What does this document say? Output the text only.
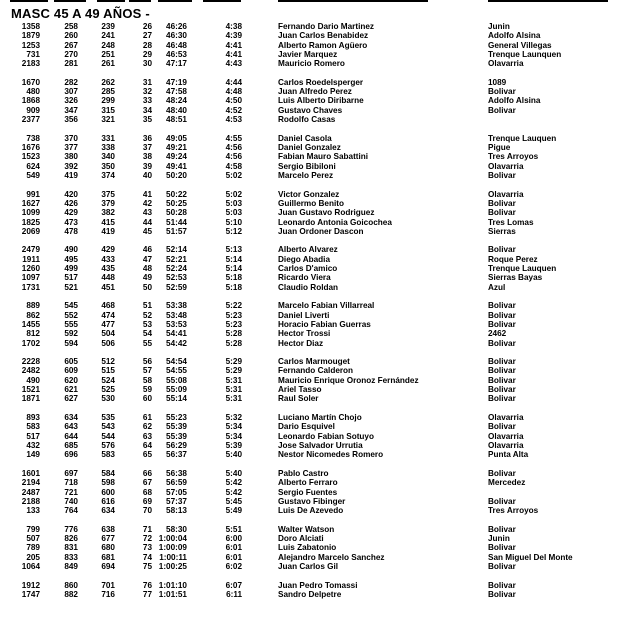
MASC 45 A 49 AÑOS -
1358	258	239	26	46:26	4:38	Fernando Dario Martinez	Junin
1879	260	241	27	46:30	4:39	Juan Carlos Benabidez	Adolfo Alsina
1253	267	248	28	46:48	4:41	Alberto Ramon Agüero	General Villegas
731	270	251	29	46:53	4:41	Javier Marquez	Trenque Launquen
2183	281	261	30	47:17	4:43	Mauricio Romero	Olavarria
1670	282	262	31	47:19	4:44	Carlos Roedelsperger	1089
480	307	285	32	47:58	4:48	Juan Alfredo Perez	Bolivar
1868	326	299	33	48:24	4:50	Luis Alberto Diribarne	Adolfo Alsina
909	347	315	34	48:40	4:52	Gustavo Chaves	Bolivar
2377	356	321	35	48:51	4:53	Rodolfo Casas
738	370	331	36	49:05	4:55	Daniel Casola	Trenque Lauquen
1676	377	338	37	49:21	4:56	Daniel Gonzalez	Pigue
1523	380	340	38	49:24	4:56	Fabian Mauro Sabattini	Tres Arroyos
624	392	350	39	49:41	4:58	Sergio Bibiloni	Olavarria
549	419	374	40	50:20	5:02	Marcelo Perez	Bolivar
991	420	375	41	50:22	5:02	Victor Gonzalez	Olavarria
1627	426	379	42	50:25	5:03	Guillermo Benito	Bolivar
1099	429	382	43	50:28	5:03	Juan Gustavo Rodriguez	Bolivar
1825	473	415	44	51:44	5:10	Leonardo Antonia Goicochea	Tres Lomas
2069	478	419	45	51:57	5:12	Juan Ordoner Dascon	Sierras
2479	490	429	46	52:14	5:13	Alberto Alvarez	Bolivar
1911	495	433	47	52:21	5:14	Diego Abadia	Roque Perez
1260	499	435	48	52:24	5:14	Carlos D'amico	Trenque Lauquen
1097	517	448	49	52:53	5:18	Ricardo Viera	Sierras Bayas
1731	521	451	50	52:59	5:18	Claudio Roldan	Azul
889	545	468	51	53:38	5:22	Marcelo Fabian Villarreal	Bolivar
862	552	474	52	53:48	5:23	Daniel Liverti	Bolivar
1455	555	477	53	53:53	5:23	Horacio Fabian Guerras	Bolivar
812	592	504	54	54:41	5:28	Hector Trossi	2462
1702	594	506	55	54:42	5:28	Hector Diaz	Bolivar
2228	605	512	56	54:54	5:29	Carlos Marmouget	Bolivar
2482	609	515	57	54:55	5:29	Fernando Calderon	Bolivar
490	620	524	58	55:08	5:31	Mauricio Enrique Oronoz Fernández	Bolivar
1521	621	525	59	55:09	5:31	Ariel Tasso	Bolivar
1871	627	530	60	55:14	5:31	Raul Soler	Bolivar
893	634	535	61	55:23	5:32	Luciano Martín Chojo	Olavarria
583	643	543	62	55:39	5:34	Dario Esquivel	Bolivar
517	644	544	63	55:39	5:34	Leonardo Fabian Sotuyo	Olavarria
432	685	576	64	56:29	5:39	Jose Salvador Urrutia	Olavarria
149	696	583	65	56:37	5:40	Nestor Nicomedes Romero	Punta Alta
1601	697	584	66	56:38	5:40	Pablo Castro	Bolivar
2194	718	598	67	56:59	5:42	Alberto Ferraro	Mercedez
2487	721	600	68	57:05	5:42	Sergio Fuentes
2188	740	616	69	57:37	5:45	Gustavo Fibinger	Bolivar
133	764	634	70	58:13	5:49	Luis De Azevedo	Tres Arroyos
799	776	638	71	58:30	5:51	Walter Watson	Bolivar
507	826	677	72 1:00:04	6:00	Doro Alciati	Junin
789	831	680	73 1:00:09	6:01	Luis Zabatonio	Bolivar
205	833	681	74 1:00:11	6:01	Alejandro Marcelo Sanchez	San Miguel Del Monte
1064	849	694	75 1:00:25	6:02	Juan Carlos Gil	Bolivar
1912	860	701	76 1:01:10	6:07	Juan Pedro Tomassi	Bolivar
1747	882	716	77 1:01:51	6:11	Sandro Delpetre	Bolivar
